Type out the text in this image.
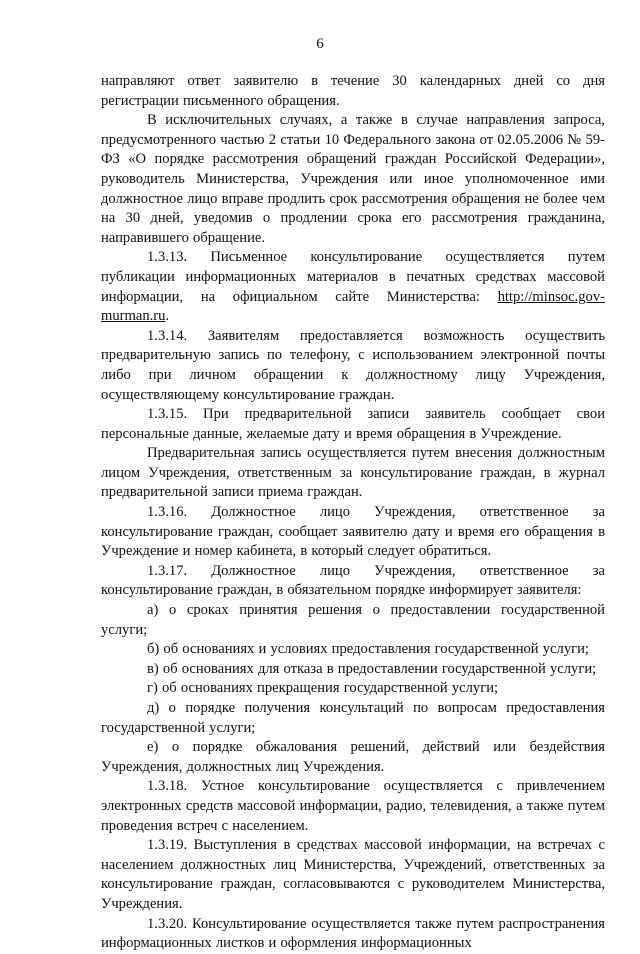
6

направляют ответ заявителю в течение 30 календарных дней со дня регистрации письменного обращения.

В исключительных случаях, а также в случае направления запроса, предусмотренного частью 2 статьи 10 Федерального закона от 02.05.2006 № 59-ФЗ «О порядке рассмотрения обращений граждан Российской Федерации», руководитель Министерства, Учреждения или иное уполномоченное ими должностное лицо вправе продлить срок рассмотрения обращения не более чем на 30 дней, уведомив о продлении срока его рассмотрения гражданина, направившего обращение.

1.3.13. Письменное консультирование осуществляется путем публикации информационных материалов в печатных средствах массовой информации, на официальном сайте Министерства: http://minsoc.gov-murman.ru.

1.3.14. Заявителям предоставляется возможность осуществить предварительную запись по телефону, с использованием электронной почты либо при личном обращении к должностному лицу Учреждения, осуществляющему консультирование граждан.

1.3.15. При предварительной записи заявитель сообщает свои персональные данные, желаемые дату и время обращения в Учреждение.

Предварительная запись осуществляется путем внесения должностным лицом Учреждения, ответственным за консультирование граждан, в журнал предварительной записи приема граждан.

1.3.16. Должностное лицо Учреждения, ответственное за консультирование граждан, сообщает заявителю дату и время его обращения в Учреждение и номер кабинета, в который следует обратиться.

1.3.17. Должностное лицо Учреждения, ответственное за консультирование граждан, в обязательном порядке информирует заявителя:

а) о сроках принятия решения о предоставлении государственной услуги;

б) об основаниях и условиях предоставления государственной услуги;

в) об основаниях для отказа в предоставлении государственной услуги;

г) об основаниях прекращения государственной услуги;

д) о порядке получения консультаций по вопросам предоставления государственной услуги;

е) о порядке обжалования решений, действий или бездействия Учреждения, должностных лиц Учреждения.

1.3.18. Устное консультирование осуществляется с привлечением электронных средств массовой информации, радио, телевидения, а также путем проведения встреч с населением.

1.3.19. Выступления в средствах массовой информации, на встречах с населением должностных лиц Министерства, Учреждений, ответственных за консультирование граждан, согласовываются с руководителем Министерства, Учреждения.

1.3.20. Консультирование осуществляется также путем распространения информационных листков и оформления информационных
